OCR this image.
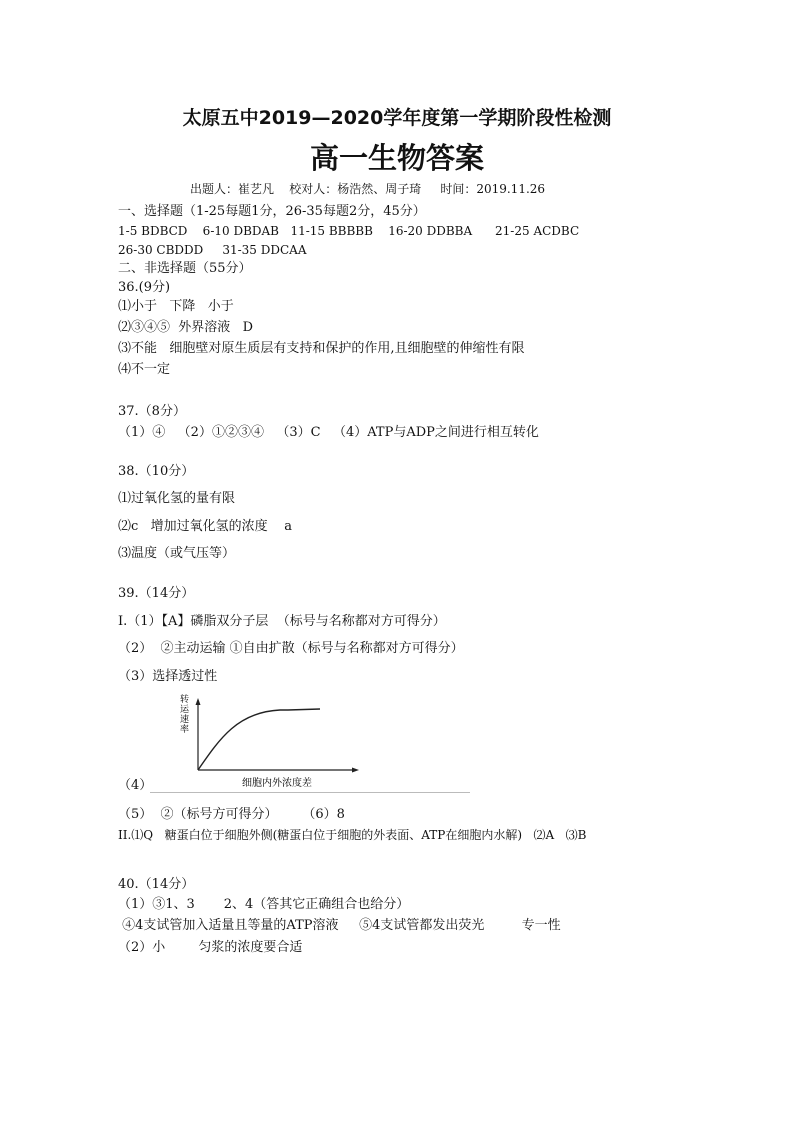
太原五中2019—2020学年度第一学期阶段性检测
高一生物答案
出题人：崔艺凡    校对人：杨浩然、周子琦     时间：2019.11.26
一、选择题（1-25每题1分，26-35每题2分，45分）
1-5 BDBCD    6-10 DBDAB   11-15 BBBBB    16-20 DDBBA      21-25 ACDBC
26-30 CBDDD     31-35 DDCAA
二、非选择题（55分）
36.(9分)
⑴小于   下降   小于
⑵③④⑤  外界溶液   D
⑶不能   细胞壁对原生质层有支持和保护的作用,且细胞壁的伸缩性有限
⑷不一定
37.（8分）
（1）④   （2）①②③④   （3）C   （4）ATP与ADP之间进行相互转化
38.（10分）
⑴过氧化氢的量有限
⑵c   增加过氧化氢的浓度    a
⑶温度（或气压等）
39.（14分）
Ⅰ.（1）【A】磷脂双分子层  （标号与名称都对方可得分）
（2）  ②主动运输 ①自由扩散（标号与名称都对方可得分）
（3）选择透过性
（4）
转
运
速
率
细胞内外浓度差
（5）  ②（标号方可得分）      （6）8
II.⑴Q   糖蛋白位于细胞外侧(糖蛋白位于细胞的外表面、ATP在细胞内水解)   ⑵A   ⑶B
40.（14分）
（1）③1、3       2、4（答其它正确组合也给分）
④4支试管加入适量且等量的ATP溶液     ⑤4支试管都发出荧光         专一性
（2）小        匀浆的浓度要合适
